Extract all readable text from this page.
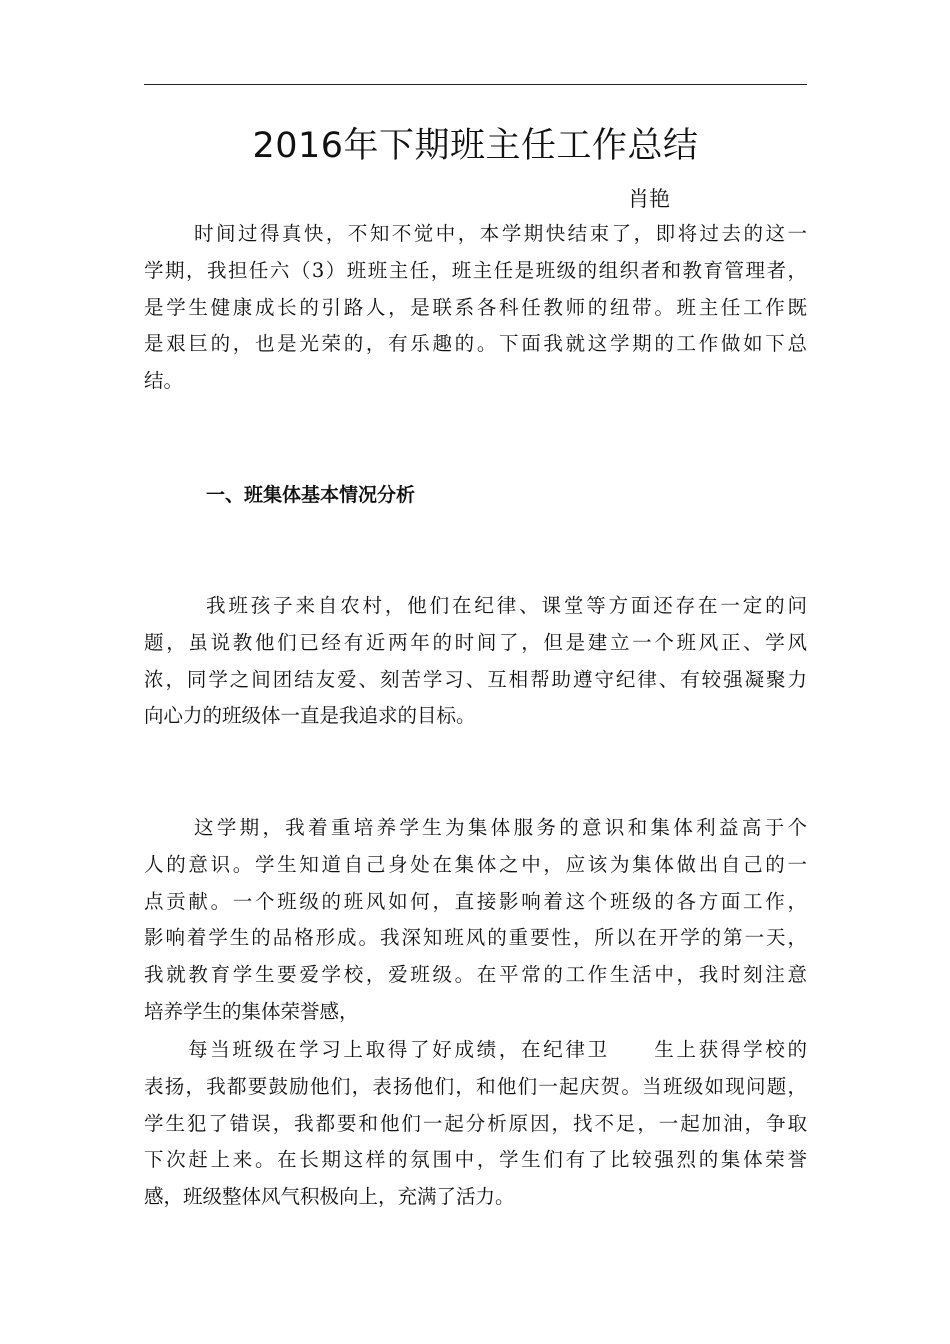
2016年下期班主任工作总结
肖艳
时间过得真快，不知不觉中，本学期快结束了，即将过去的这一
学期，我担任六（3）班班主任，班主任是班级的组织者和教育管理者，
是学生健康成长的引路人，是联系各科任教师的纽带。班主任工作既
是艰巨的，也是光荣的，有乐趣的。下面我就这学期的工作做如下总
结。
一、班集体基本情况分析
我班孩子来自农村，他们在纪律、课堂等方面还存在一定的问
题，虽说教他们已经有近两年的时间了，但是建立一个班风正、学风
浓，同学之间团结友爱、刻苦学习、互相帮助遵守纪律、有较强凝聚力
向心力的班级体一直是我追求的目标。
这学期，我着重培养学生为集体服务的意识和集体利益高于个
人的意识。学生知道自己身处在集体之中，应该为集体做出自己的一
点贡献。一个班级的班风如何，直接影响着这个班级的各方面工作，
影响着学生的品格形成。我深知班风的重要性，所以在开学的第一天，
我就教育学生要爱学校，爱班级。在平常的工作生活中，我时刻注意
培养学生的集体荣誉感，
每当班级在学习上取得了好成绩，在纪律卫　　生上获得学校的
表扬，我都要鼓励他们，表扬他们，和他们一起庆贺。当班级如现问题，
学生犯了错误，我都要和他们一起分析原因，找不足，一起加油，争取
下次赶上来。在长期这样的氛围中，学生们有了比较强烈的集体荣誉
感，班级整体风气积极向上，充满了活力。
